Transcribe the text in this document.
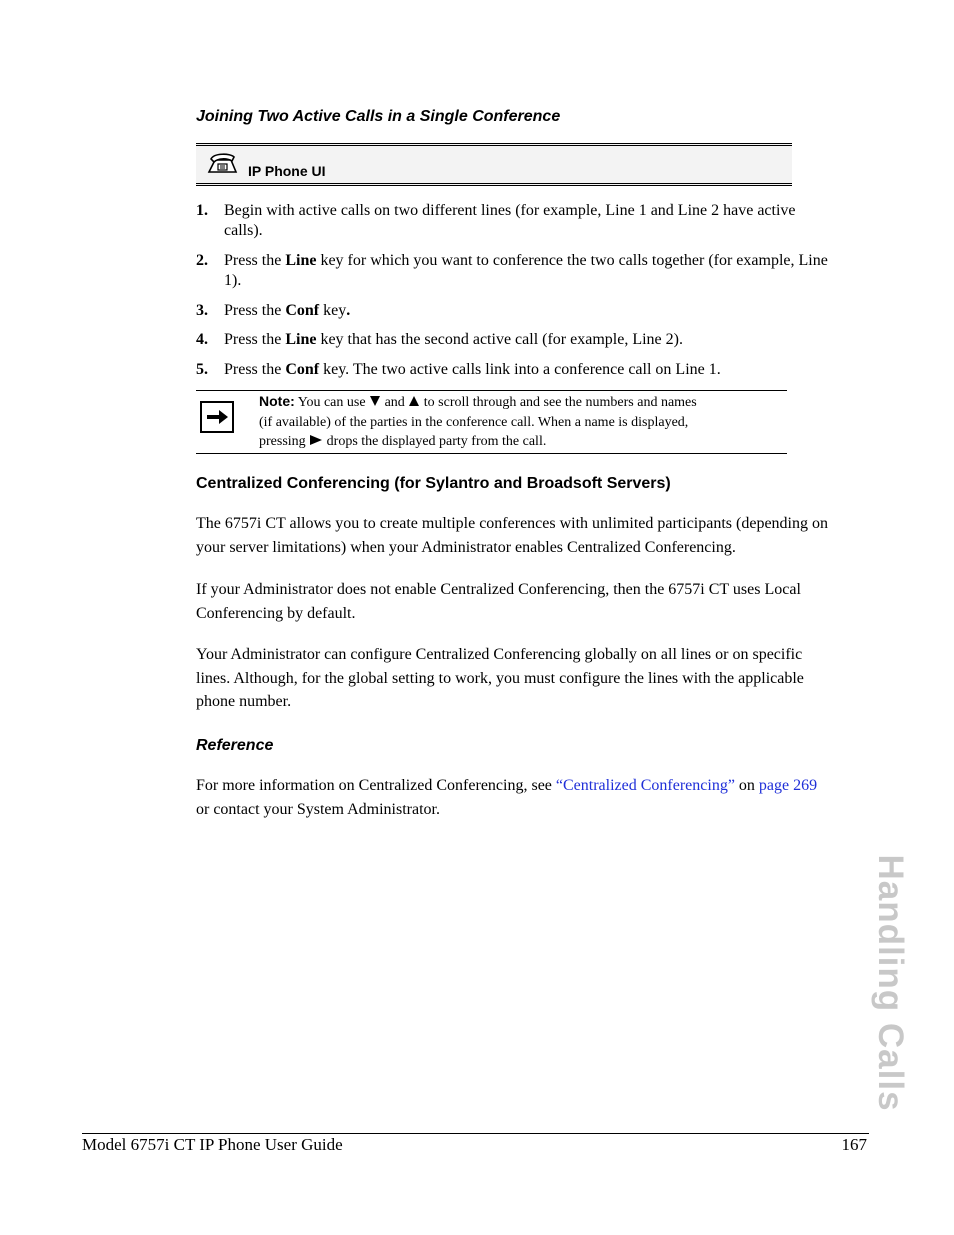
Joining Two Active Calls in a Single Conference
IP Phone UI
1. Begin with active calls on two different lines (for example, Line 1 and Line 2 have active
calls).
2. Press the Line key for which you want to conference the two calls together (for example, Line
1).
3. Press the Conf key.
4. Press the Line key that has the second active call (for example, Line 2).
5. Press the Conf key. The two active calls link into a conference call on Line 1.
Note: You can use  and  to scroll through and see the numbers and names
(if available) of the parties in the conference call. When a name is displayed,
pressing  drops the displayed party from the call.
Centralized Conferencing (for Sylantro and Broadsoft Servers)
The 6757i CT allows you to create multiple conferences with unlimited participants (depending on
your server limitations) when your Administrator enables Centralized Conferencing.
If your Administrator does not enable Centralized Conferencing, then the 6757i CT uses Local
Conferencing by default.
Your Administrator can configure Centralized Conferencing globally on all lines or on specific
lines. Although, for the global setting to work, you must configure the lines with the applicable
phone number.
Reference
For more information on Centralized Conferencing, see “Centralized Conferencing” on page 269
or contact your System Administrator.
Handling Calls
Model 6757i CT IP Phone User Guide	167
